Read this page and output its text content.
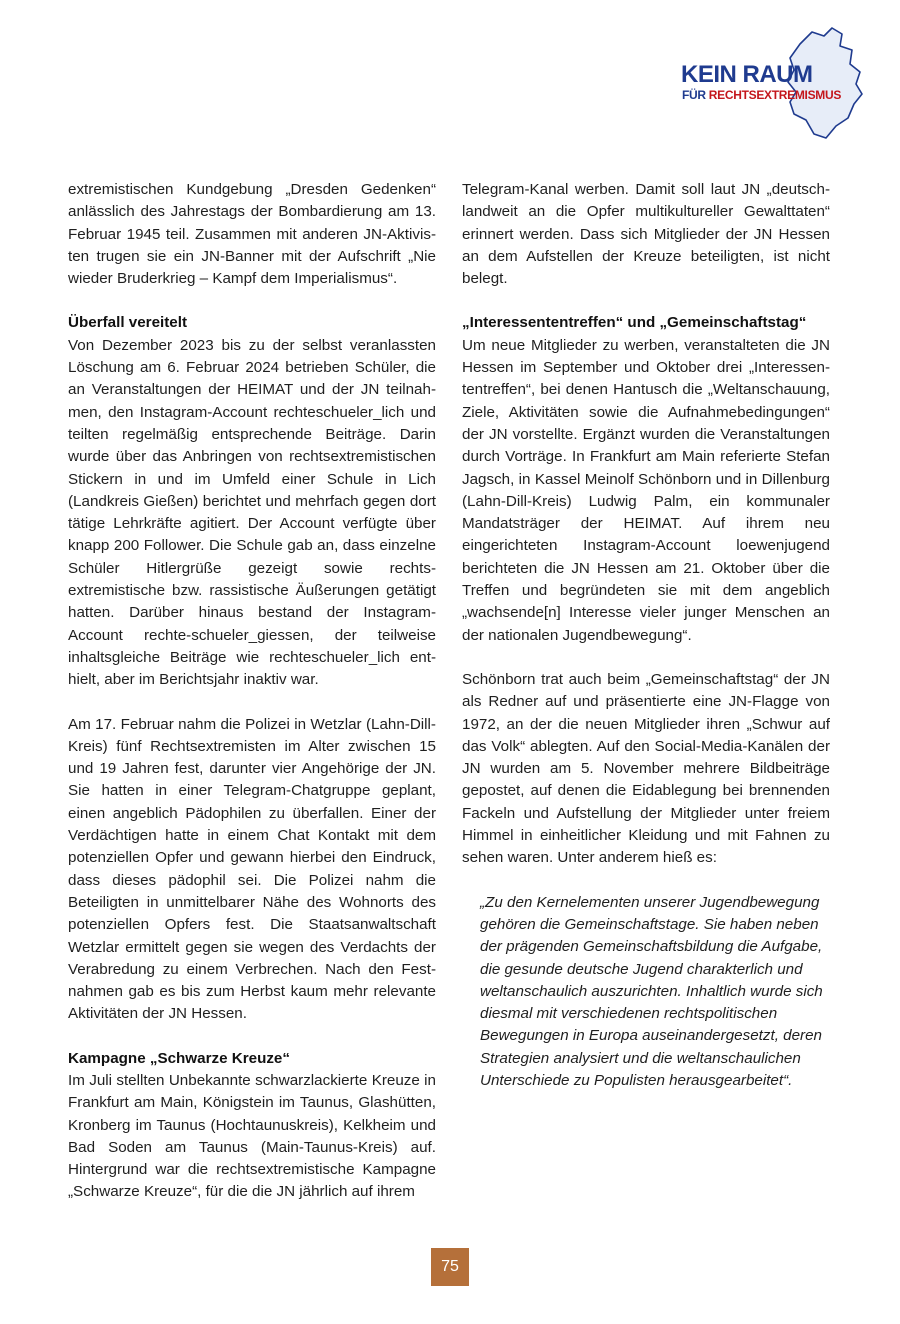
KEIN RAUM

FÜR RECHTSEXTREMISMUS

extremistischen Kundgebung „Dresden Gedenken“ anlässlich des Jahrestags der Bombardierung am 13. Februar 1945 teil. Zusammen mit anderen JN-Aktivisten trugen sie ein JN-Banner mit der Aufschrift „Nie wieder Bruderkrieg – Kampf dem Imperialismus“.

Überfall vereitelt

Von Dezember 2023 bis zu der selbst veranlassten Löschung am 6. Februar 2024 betrieben Schüler, die an Veranstaltungen der HEIMAT und der JN teilnahmen, den Instagram-Account rechteschueler_lich und teilten regelmäßig entsprechende Beiträge. Darin wurde über das Anbringen von rechtsextremistischen Stickern in und im Umfeld einer Schule in Lich (Landkreis Gießen) berichtet und mehrfach gegen dort tätige Lehrkräfte agitiert. Der Account verfügte über knapp 200 Follower. Die Schule gab an, dass einzelne Schüler Hitlergrüße gezeigt sowie rechtsextremistische bzw. rassistische Äußerungen getätigt hatten. Darüber hinaus bestand der Instagram-Account rechte-schueler_giessen, der teilweise inhaltsgleiche Beiträge wie rechteschueler_lich enthielt, aber im Berichtsjahr inaktiv war.

Am 17. Februar nahm die Polizei in Wetzlar (Lahn-Dill-Kreis) fünf Rechtsextremisten im Alter zwischen 15 und 19 Jahren fest, darunter vier Angehörige der JN. Sie hatten in einer Telegram-Chatgruppe geplant, einen angeblich Pädophilen zu überfallen. Einer der Verdächtigen hatte in einem Chat Kontakt mit dem potenziellen Opfer und gewann hierbei den Eindruck, dass dieses pädophil sei. Die Polizei nahm die Beteiligten in unmittelbarer Nähe des Wohnorts des potenziellen Opfers fest. Die Staatsanwaltschaft Wetzlar ermittelt gegen sie wegen des Verdachts der Verabredung zu einem Verbrechen. Nach den Festnahmen gab es bis zum Herbst kaum mehr relevante Aktivitäten der JN Hessen.

Kampagne „Schwarze Kreuze“

Im Juli stellten Unbekannte schwarzlackierte Kreuze in Frankfurt am Main, Königstein im Taunus, Glashütten, Kronberg im Taunus (Hochtaunuskreis), Kelkheim und Bad Soden am Taunus (Main-Taunus-Kreis) auf. Hintergrund war die rechtsextremistische Kampagne „Schwarze Kreuze“, für die die JN jährlich auf ihrem

Telegram-Kanal werben. Damit soll laut JN „deutschlandweit an die Opfer multikultureller Gewalttaten“ erinnert werden. Dass sich Mitglieder der JN Hessen an dem Aufstellen der Kreuze beteiligten, ist nicht belegt.

„Interessententreffen“ und „Gemeinschaftstag“

Um neue Mitglieder zu werben, veranstalteten die JN Hessen im September und Oktober drei „Interessententreffen“, bei denen Hantusch die „Weltanschauung, Ziele, Aktivitäten sowie die Aufnahmebedingungen“ der JN vorstellte. Ergänzt wurden die Veranstaltungen durch Vorträge. In Frankfurt am Main referierte Stefan Jagsch, in Kassel Meinolf Schönborn und in Dillenburg (Lahn-Dill-Kreis) Ludwig Palm, ein kommunaler Mandatsträger der HEIMAT. Auf ihrem neu eingerichteten Instagram-Account loewenjugend berichteten die JN Hessen am 21. Oktober über die Treffen und begründeten sie mit dem angeblich „wachsende[n] Interesse vieler junger Menschen an der nationalen Jugendbewegung“.

Schönborn trat auch beim „Gemeinschaftstag“ der JN als Redner auf und präsentierte eine JN-Flagge von 1972, an der die neuen Mitglieder ihren „Schwur auf das Volk“ ablegten. Auf den Social-Media-Kanälen der JN wurden am 5. November mehrere Bildbeiträge gepostet, auf denen die Eidablegung bei brennenden Fackeln und Aufstellung der Mitglieder unter freiem Himmel in einheitlicher Kleidung und mit Fahnen zu sehen waren. Unter anderem hieß es:

„Zu den Kernelementen unserer Jugendbewegung gehören die Gemeinschaftstage. Sie haben neben der prägenden Gemeinschaftsbildung die Aufgabe, die gesunde deutsche Jugend charakterlich und weltanschaulich auszurichten. Inhaltlich wurde sich diesmal mit verschiedenen rechtspolitischen Bewegungen in Europa auseinandergesetzt, deren Strategien analysiert und die weltanschaulichen Unterschiede zu Populisten herausgearbeitet“.
75
